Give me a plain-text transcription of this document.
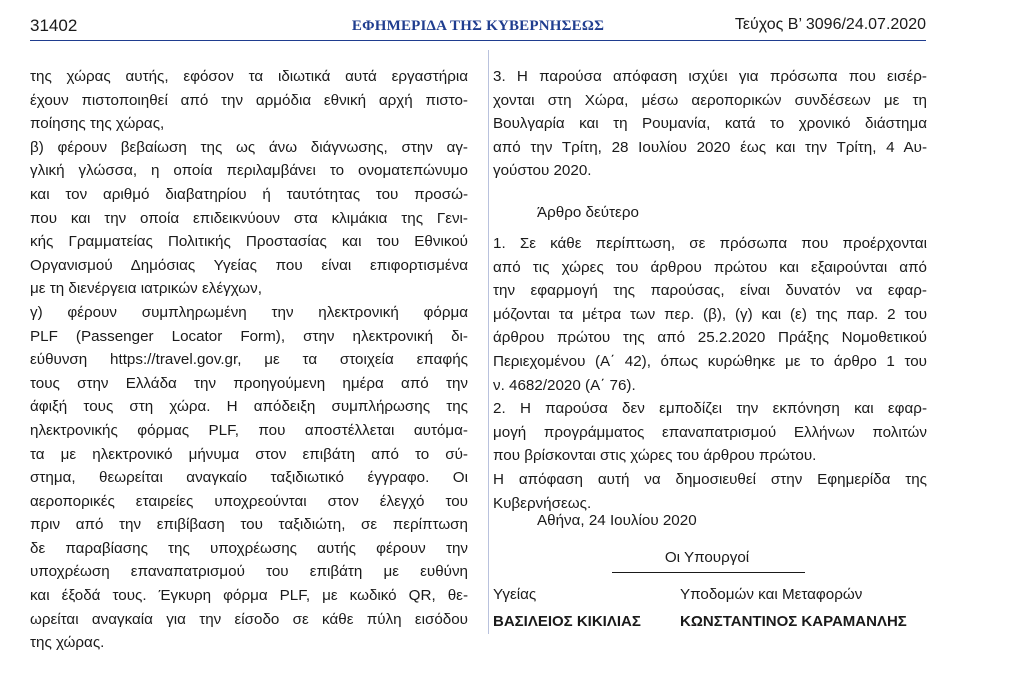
31402	ΕΦΗΜΕΡΙΔΑ ΤΗΣ ΚΥΒΕΡΝΗΣΕΩΣ	Τεύχος Β’ 3096/24.07.2020
της χώρας αυτής, εφόσον τα ιδιωτικά αυτά εργαστήρια
έχουν πιστοποιηθεί από την αρμόδια εθνική αρχή πιστο-
ποίησης της χώρας,
β) φέρουν βεβαίωση της ως άνω διάγνωσης, στην αγ-
γλική γλώσσα, η οποία περιλαμβάνει το ονοματεπώνυμο
και τον αριθμό διαβατηρίου ή ταυτότητας του προσώ-
που και την οποία επιδεικνύουν στα κλιμάκια της Γενι-
κής Γραμματείας Πολιτικής Προστασίας και του Εθνικού
Οργανισμού Δημόσιας Υγείας που είναι επιφορτισμένα
με τη διενέργεια ιατρικών ελέγχων,
γ) φέρουν συμπληρωμένη την ηλεκτρονική φόρμα
PLF (Passenger Locator Form), στην ηλεκτρονική δι-
εύθυνση https://travel.gov.gr, με τα στοιχεία επαφής
τους στην Ελλάδα την προηγούμενη ημέρα από την
άφιξή τους στη χώρα. Η απόδειξη συμπλήρωσης της
ηλεκτρονικής φόρμας PLF, που αποστέλλεται αυτόμα-
τα με ηλεκτρονικό μήνυμα στον επιβάτη από το σύ-
στημα, θεωρείται αναγκαίο ταξιδιωτικό έγγραφο. Οι
αεροπορικές εταιρείες υποχρεούνται στον έλεγχό του
πριν από την επιβίβαση του ταξιδιώτη, σε περίπτωση
δε παραβίασης της υποχρέωσης αυτής φέρουν την
υποχρέωση επαναπατρισμού του επιβάτη με ευθύνη
και έξοδά τους. Έγκυρη φόρμα PLF, με κωδικό QR, θε-
ωρείται αναγκαία για την είσοδο σε κάθε πύλη εισόδου
της χώρας.
3. Η παρούσα απόφαση ισχύει για πρόσωπα που εισέρ-
χονται στη Χώρα, μέσω αεροπορικών συνδέσεων με τη
Βουλγαρία και τη Ρουμανία, κατά το χρονικό διάστημα
από την Τρίτη, 28 Ιουλίου 2020 έως και την Τρίτη, 4 Αυ-
γούστου 2020.
Άρθρο δεύτερο
1. Σε κάθε περίπτωση, σε πρόσωπα που προέρχονται
από τις χώρες του άρθρου πρώτου και εξαιρούνται από
την εφαρμογή της παρούσας, είναι δυνατόν να εφαρ-
μόζονται τα μέτρα των περ. (β), (γ) και (ε) της παρ. 2 του
άρθρου πρώτου της από 25.2.2020 Πράξης Νομοθετικού
Περιεχομένου (Α΄ 42), όπως κυρώθηκε με το άρθρο 1 του
ν. 4682/2020 (Α΄ 76).
2. Η παρούσα δεν εμποδίζει την εκπόνηση και εφαρ-
μογή προγράμματος επαναπατρισμού Ελλήνων πολιτών
που βρίσκονται στις χώρες του άρθρου πρώτου.
Η απόφαση αυτή να δημοσιευθεί στην Εφημερίδα της
Κυβερνήσεως.
Αθήνα, 24 Ιουλίου 2020
Οι Υπουργοί
Υγείας	Υποδομών και Μεταφορών
ΒΑΣΙΛΕΙΟΣ ΚΙΚΙΛΙΑΣ	ΚΩΝΣΤΑΝΤΙΝΟΣ ΚΑΡΑΜΑΝΛΗΣ
